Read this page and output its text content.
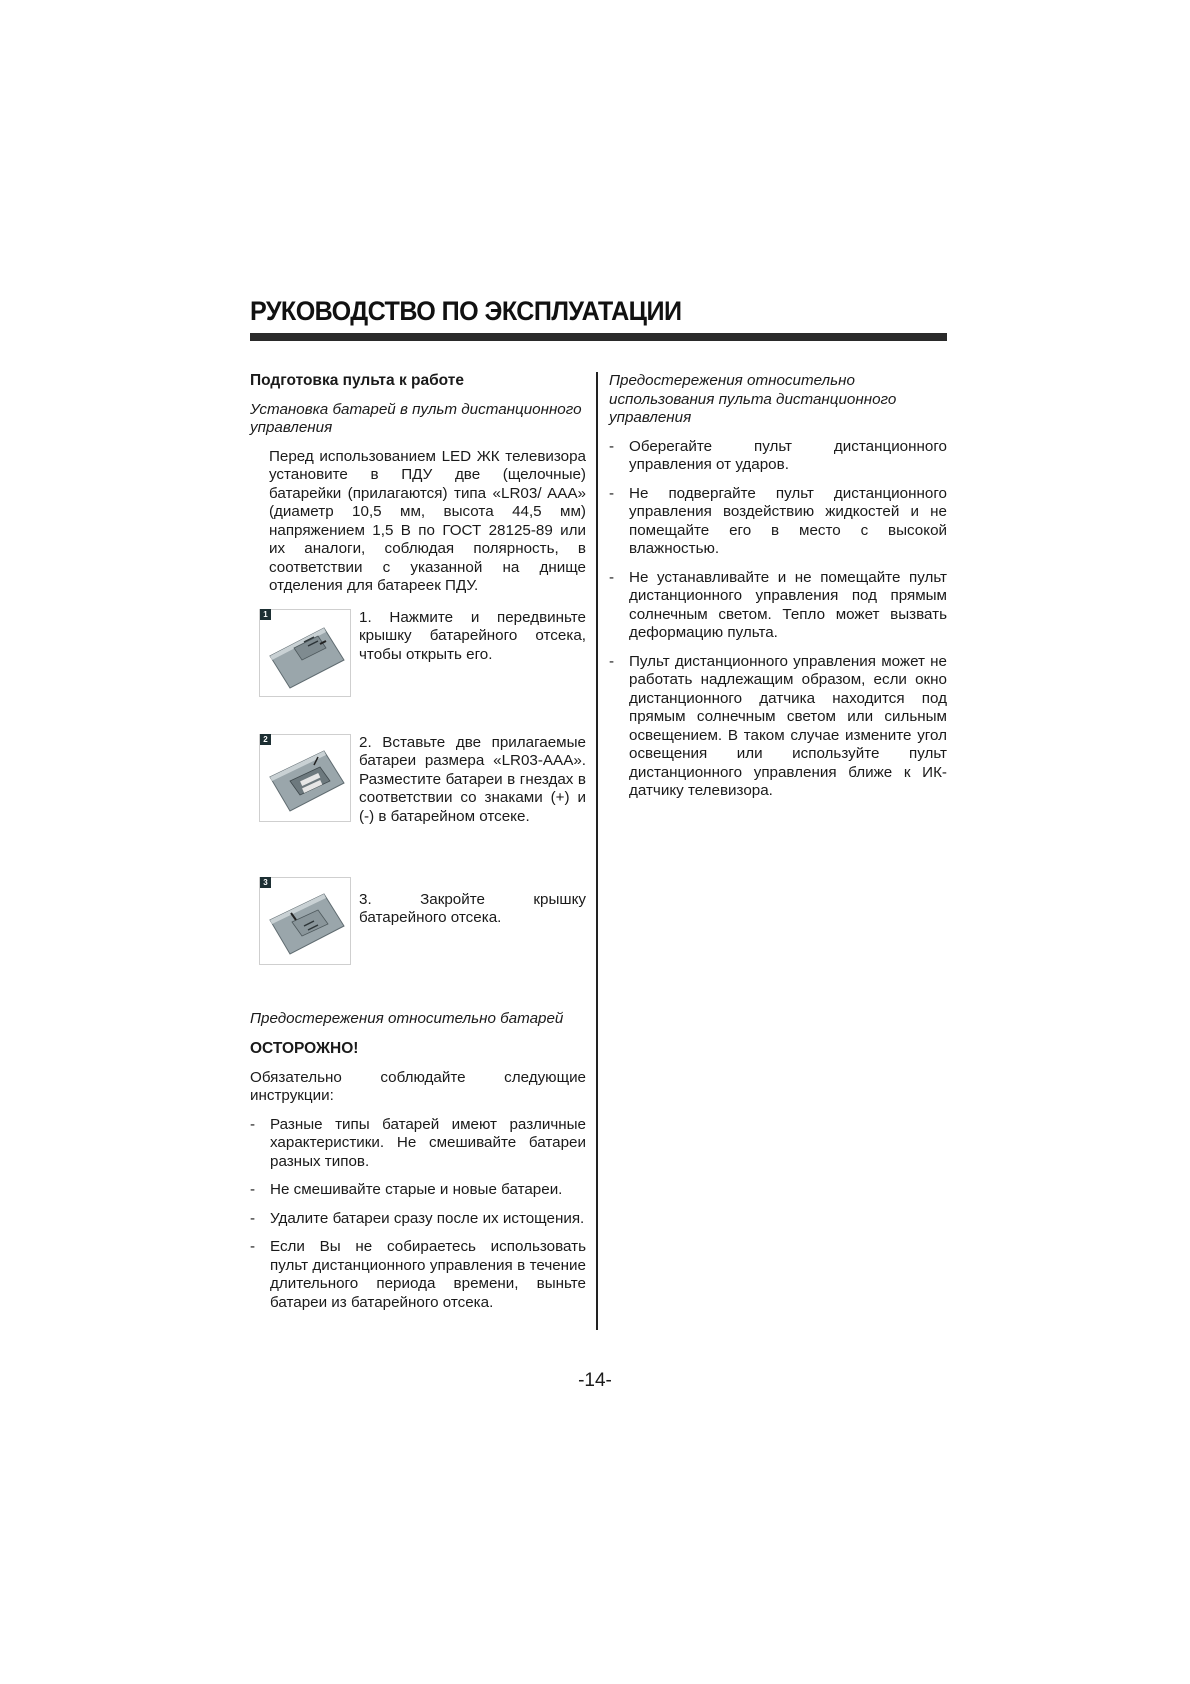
РУКОВОДСТВО ПО ЭКСПЛУАТАЦИИ

Подготовка пульта к работе

Установка батарей в пульт дистанционного управления

Перед использованием LED ЖК телевизора установите в ПДУ две (щелочные) батарейки (прилагаются) типа «LR03/ AAA» (диаметр 10,5 мм, высота 44,5 мм) напряжением 1,5 В по ГОСТ 28125-89 или их аналоги, соблюдая полярность, в соответствии с указанной на днище отделения для батареек ПДУ.

1	1. Нажмите и передвиньте крышку батарейного отсека, чтобы открыть его.
2	2. Вставьте две прилагаемые батареи размера «LR03-AAA». Разместите батареи в гнездах в соответствии со знаками (+) и (-) в батарейном отсеке.
3
3. Закройте крышку батарейного отсека.

Предостережения относительно батарей

ОСТОРОЖНО!

Обязательно соблюдайте следующие инструкции:

- Разные типы батарей имеют различные характеристики. Не смешивайте батареи разных типов.
- Не смешивайте старые и новые батареи.
- Удалите батареи сразу после их истощения.
- Если Вы не собираетесь использовать пульт дистанционного управления в течение длительного периода времени, выньте батареи из батарейного отсека.

Предостережения относительно использования пульта дистанционного управления

- Оберегайте пульт дистанционного управления от ударов.
- Не подвергайте пульт дистанционного управления воздействию жидкостей и не помещайте его в место с высокой влажностью.
- Не устанавливайте и не помещайте пульт дистанционного управления под прямым солнечным светом. Тепло может вызвать деформацию пульта.
- Пульт дистанционного управления может не работать надлежащим образом, если окно дистанционного датчика находится под прямым солнечным светом или сильным освещением. В таком случае измените угол освещения или используйте пульт дистанционного управления ближе к ИК- датчику телевизора.
-14-
